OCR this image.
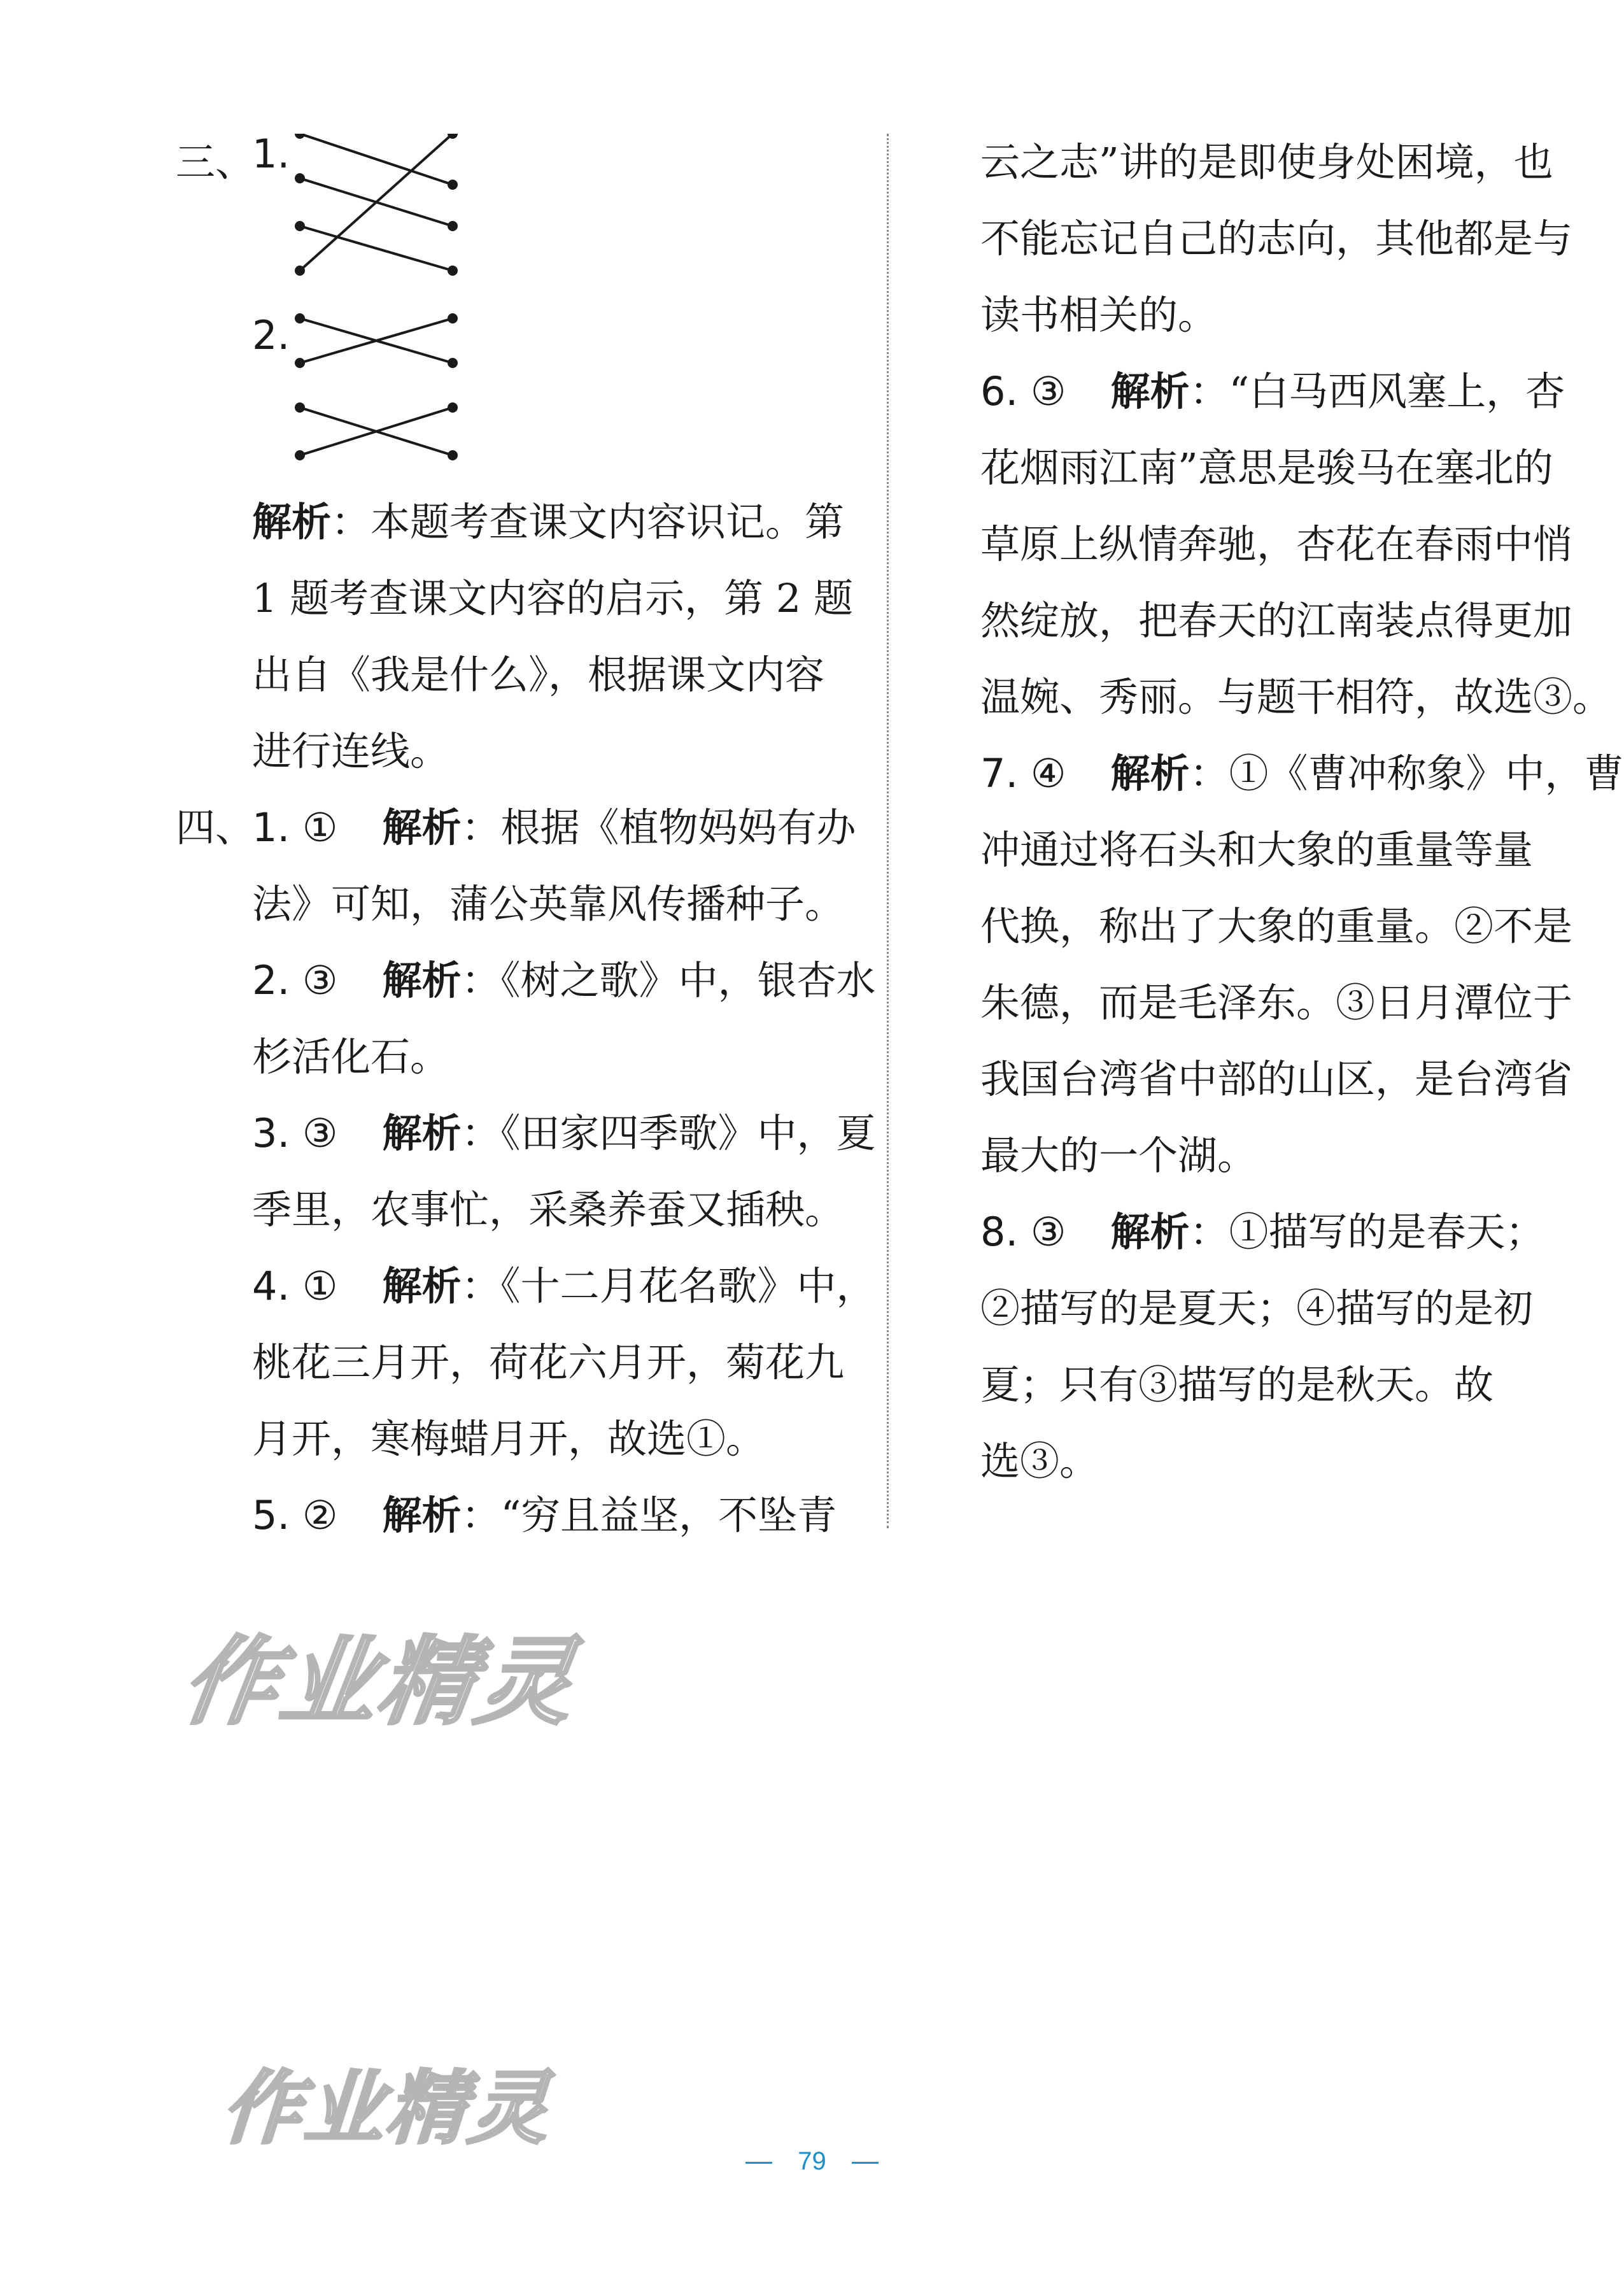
三、
1.
2.
解析：本题考查课文内容识记。第
1 题考查课文内容的启示，第 2 题
出自《我是什么》，根据课文内容
进行连线。
四、
1. ① 解析：根据《植物妈妈有办
法》可知，蒲公英靠风传播种子。
2. ③ 解析：《树之歌》中，银杏水
杉活化石。
3. ③ 解析：《田家四季歌》中，夏
季里，农事忙，采桑养蚕又插秧。
4. ① 解析：《十二月花名歌》中，
桃花三月开，荷花六月开，菊花九
月开，寒梅蜡月开，故选①。
5. ② 解析：“穷且益坚，不坠青
云之志”讲的是即使身处困境，也
不能忘记自己的志向，其他都是与
读书相关的。
6. ③ 解析：“白马西风塞上，杏
花烟雨江南”意思是骏马在塞北的
草原上纵情奔驰，杏花在春雨中悄
然绽放，把春天的江南装点得更加
温婉、秀丽。与题干相符，故选③。
7. ④ 解析：①《曹冲称象》中，曹
冲通过将石头和大象的重量等量
代换，称出了大象的重量。②不是
朱德，而是毛泽东。③日月潭位于
我国台湾省中部的山区，是台湾省
最大的一个湖。
8. ③ 解析：①描写的是春天；
②描写的是夏天；④描写的是初
夏；只有③描写的是秋天。故
选③。
作业精灵
作业精灵
79
